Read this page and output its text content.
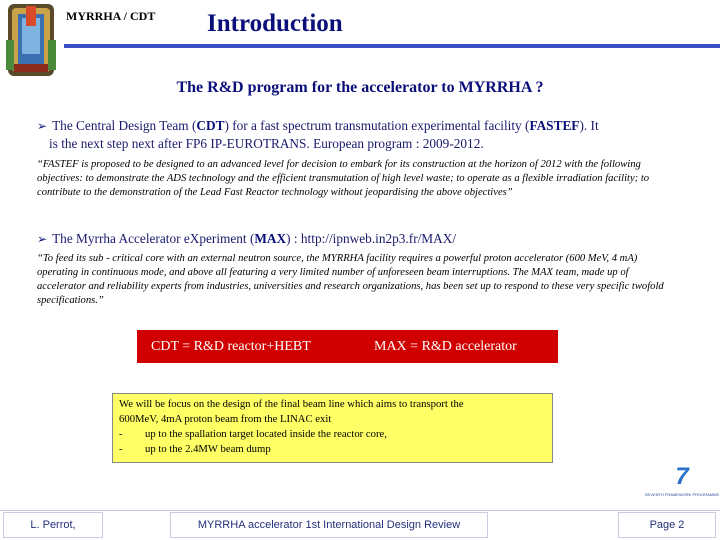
MYRRHA / CDT Introduction
The R&D program for the accelerator to MYRRHA ?
➢ The Central Design Team (CDT) for a fast spectrum transmutation experimental facility (FASTEF). It
is the next step next after FP6 IP-EUROTRANS. European program : 2009-2012.
“FASTEF is proposed to be designed to an advanced level for decision to embark for its construction at the horizon of 2012 with the following objectives: to demonstrate the ADS technology and the efficient transmutation of high level waste; to operate as a flexible irradiation facility; to contribute to the demonstration of the Lead Fast Reactor technology without jeopardising the above objectives”
➢ The Myrrha Accelerator eXperiment (MAX) : http://ipnweb.in2p3.fr/MAX/
“To feed its sub - critical core with an external neutron source, the MYRRHA facility requires a powerful proton accelerator (600 MeV, 4 mA) operating in continuous mode, and above all featuring a very limited number of unforeseen beam interruptions. The MAX team, made up of accelerator and reliability experts from industries, universities and research organizations, has been set up to respond to these very specific twofold specifications.”
CDT = R&D reactor+HEBT	MAX = R&D accelerator
We will be focus on the design of the final beam line which aims to transport the
600MeV, 4mA proton beam from the LINAC exit
- up to the spallation target located inside the reactor core,
- up to the 2.4MW beam dump
7
SEVENTH FRAMEWORK PROGRAMME
L. Perrot,	MYRRHA accelerator 1st International Design Review	Page 2
